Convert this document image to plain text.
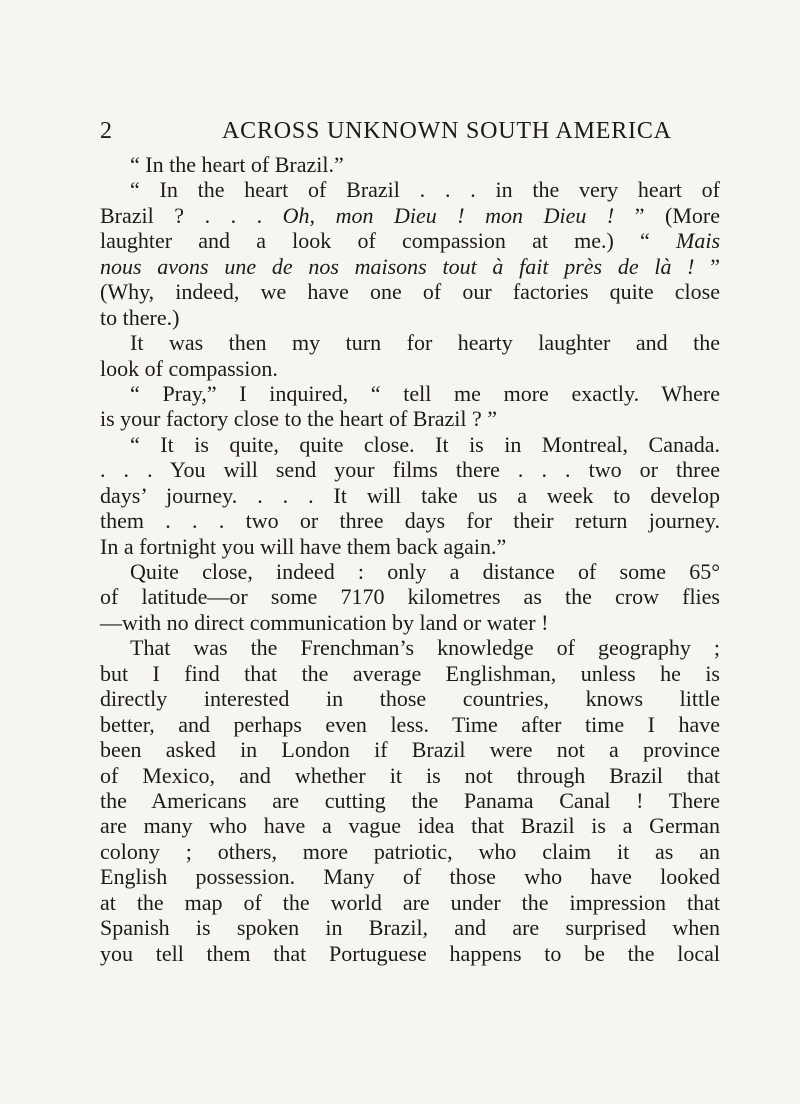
2	ACROSS UNKNOWN SOUTH AMERICA
“ In the heart of Brazil.”
“ In the heart of Brazil . . . in the very heart of
Brazil ? . . . Oh, mon Dieu ! mon Dieu ! ” (More
laughter and a look of compassion at me.) “ Mais
nous avons une de nos maisons tout à fait près de là ! ”
(Why, indeed, we have one of our factories quite close
to there.)
It was then my turn for hearty laughter and the
look of compassion.
“ Pray,” I inquired, “ tell me more exactly. Where
is your factory close to the heart of Brazil ? ”
“ It is quite, quite close. It is in Montreal, Canada.
. . . You will send your films there . . . two or three
days’ journey. . . . It will take us a week to develop
them . . . two or three days for their return journey.
In a fortnight you will have them back again.”
Quite close, indeed : only a distance of some 65°
of latitude—or some 7170 kilometres as the crow flies
—with no direct communication by land or water !
That was the Frenchman’s knowledge of geography ;
but I find that the average Englishman, unless he is
directly interested in those countries, knows little
better, and perhaps even less. Time after time I have
been asked in London if Brazil were not a province
of Mexico, and whether it is not through Brazil that
the Americans are cutting the Panama Canal ! There
are many who have a vague idea that Brazil is a German
colony ; others, more patriotic, who claim it as an
English possession. Many of those who have looked
at the map of the world are under the impression that
Spanish is spoken in Brazil, and are surprised when
you tell them that Portuguese happens to be the local
